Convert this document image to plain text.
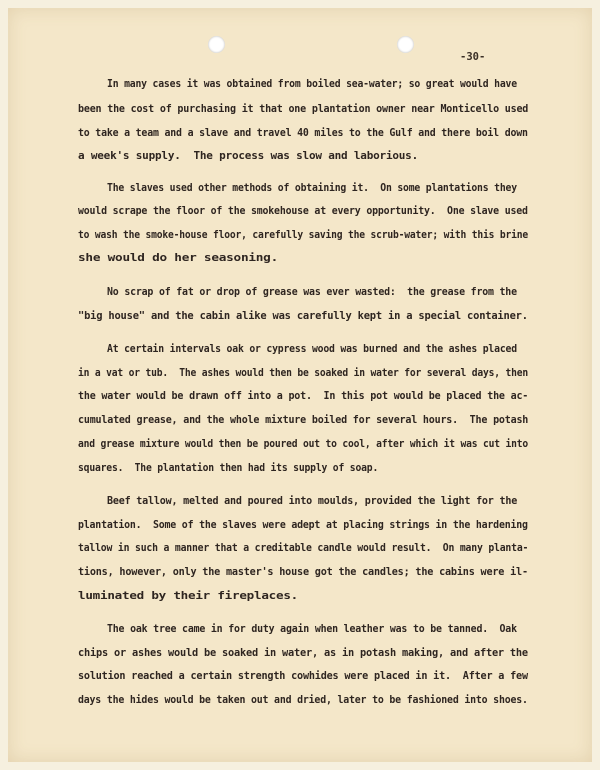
-30-
In many cases it was obtained from boiled sea-water; so great would have
been the cost of purchasing it that one plantation owner near Monticello used
to take a team and a slave and travel 40 miles to the Gulf and there boil down
a week's supply.  The process was slow and laborious.
The slaves used other methods of obtaining it.  On some plantations they
would scrape the floor of the smokehouse at every opportunity.  One slave used
to wash the smoke-house floor, carefully saving the scrub-water; with this brine
she would do her seasoning.
No scrap of fat or drop of grease was ever wasted:  the grease from the
"big house" and the cabin alike was carefully kept in a special container.
At certain intervals oak or cypress wood was burned and the ashes placed
in a vat or tub.  The ashes would then be soaked in water for several days, then
the water would be drawn off into a pot.  In this pot would be placed the ac-
cumulated grease, and the whole mixture boiled for several hours.  The potash
and grease mixture would then be poured out to cool, after which it was cut into
squares.  The plantation then had its supply of soap.
Beef tallow, melted and poured into moulds, provided the light for the
plantation.  Some of the slaves were adept at placing strings in the hardening
tallow in such a manner that a creditable candle would result.  On many planta-
tions, however, only the master's house got the candles; the cabins were il-
luminated by their fireplaces.
The oak tree came in for duty again when leather was to be tanned.  Oak
chips or ashes would be soaked in water, as in potash making, and after the
solution reached a certain strength cowhides were placed in it.  After a few
days the hides would be taken out and dried, later to be fashioned into shoes.
